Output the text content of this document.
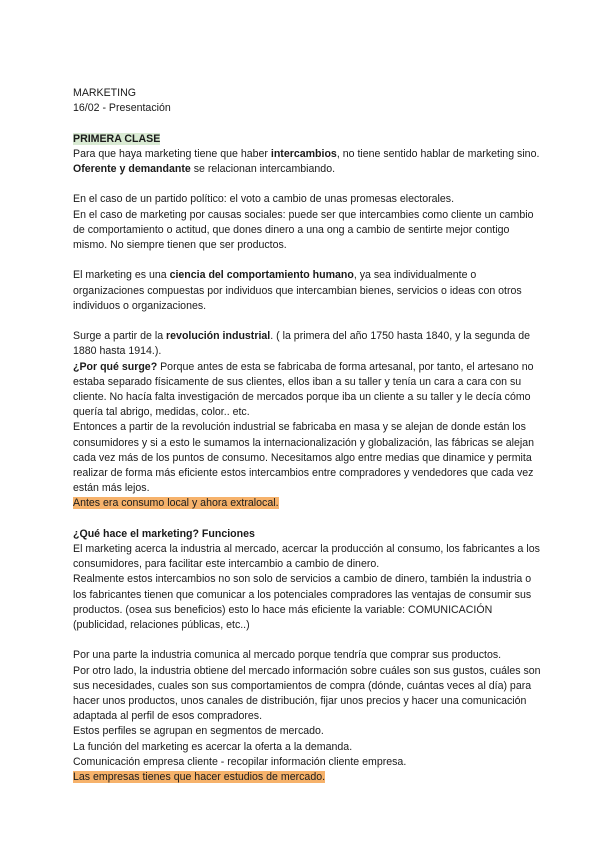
MARKETING

16/02 - Presentación

PRIMERA CLASE

Para que haya marketing tiene que haber intercambios, no tiene sentido hablar de marketing sino. Oferente y demandante se relacionan intercambiando.

En el caso de un partido político: el voto a cambio de unas promesas electorales.

En el caso de marketing por causas sociales: puede ser que intercambies como cliente un cambio de comportamiento o actitud, que dones dinero a una ong a cambio de sentirte mejor contigo mismo. No siempre tienen que ser productos.

El marketing es una ciencia del comportamiento humano, ya sea individualmente o organizaciones compuestas por individuos que intercambian bienes, servicios o ideas con otros individuos o organizaciones.

Surge a partir de la revolución industrial. ( la primera del año 1750 hasta 1840, y la segunda de 1880 hasta 1914.).

¿Por qué surge? Porque antes de esta se fabricaba de forma artesanal, por tanto, el artesano no estaba separado físicamente de sus clientes, ellos iban a su taller y tenía un cara a cara con su cliente. No hacía falta investigación de mercados porque iba un cliente a su taller y le decía cómo quería tal abrigo, medidas, color.. etc.

Entonces a partir de la revolución industrial se fabricaba en masa y se alejan de donde están los consumidores y si a esto le sumamos la internacionalización y globalización, las fábricas se alejan cada vez más de los puntos de consumo. Necesitamos algo entre medias que dinamice y permita realizar de forma más eficiente estos intercambios entre compradores y vendedores que cada vez están más lejos.

Antes era consumo local y ahora extralocal.

¿Qué hace el marketing? Funciones

El marketing acerca la industria al mercado, acercar la producción al consumo, los fabricantes a los consumidores, para facilitar este intercambio a cambio de dinero.

Realmente estos intercambios no son solo de servicios a cambio de dinero, también la industria o los fabricantes tienen que comunicar a los potenciales compradores las ventajas de consumir sus productos. (osea sus beneficios) esto lo hace más eficiente la variable: COMUNICACIÓN (publicidad, relaciones públicas, etc..)

Por una parte la industria comunica al mercado porque tendría que comprar sus productos.

Por otro lado, la industria obtiene del mercado información sobre cuáles son sus gustos, cuáles son sus necesidades, cuales son sus comportamientos de compra (dónde, cuántas veces al día) para hacer unos productos, unos canales de distribución, fijar unos precios y hacer una comunicación adaptada al perfil de esos compradores.

Estos perfiles se agrupan en segmentos de mercado.

La función del marketing es acercar la oferta a la demanda.

Comunicación empresa cliente - recopilar información cliente empresa.

Las empresas tienes que hacer estudios de mercado.
